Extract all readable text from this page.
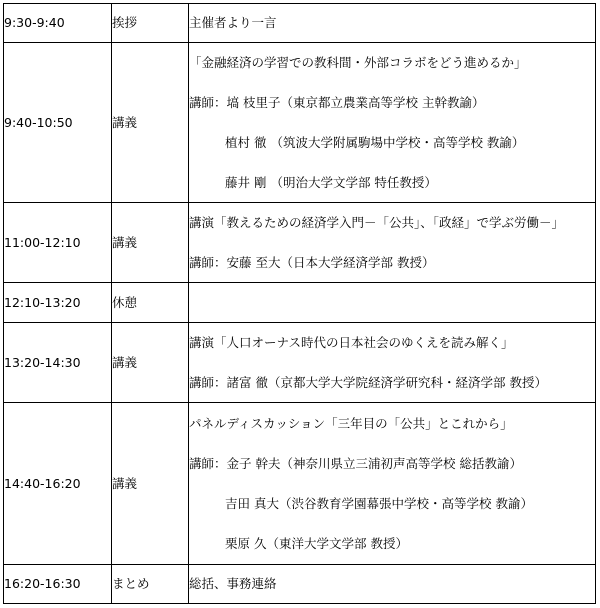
9:30-9:40	挨拶	主催者より一言

9:40-10:50	講義	「金融経済の学習での教科間・外部コラボをどう進めるか」
講師：塙 枝里子（東京都立農業高等学校 主幹教諭）
植村 徹 （筑波大学附属駒場中学校・高等学校 教諭）
藤井 剛 （明治大学文学部 特任教授）

11:00-12:10	講義	講演「教えるための経済学入門－「公共」、「政経」で学ぶ労働－」
講師：安藤 至大（日本大学経済学部 教授）

12:10-13:20	休憩	
13:20-14:30	講義	講演「人口オーナス時代の日本社会のゆくえを読み解く」
講師：諸富 徹（京都大学大学院経済学研究科・経済学部 教授）

14:40-16:20	講義	パネルディスカッション「三年目の「公共」とこれから」
講師：金子 幹夫（神奈川県立三浦初声高等学校 総括教諭）
吉田 真大（渋谷教育学園幕張中学校・高等学校 教諭）
栗原 久（東洋大学文学部 教授）

16:20-16:30	まとめ	総括、事務連絡
